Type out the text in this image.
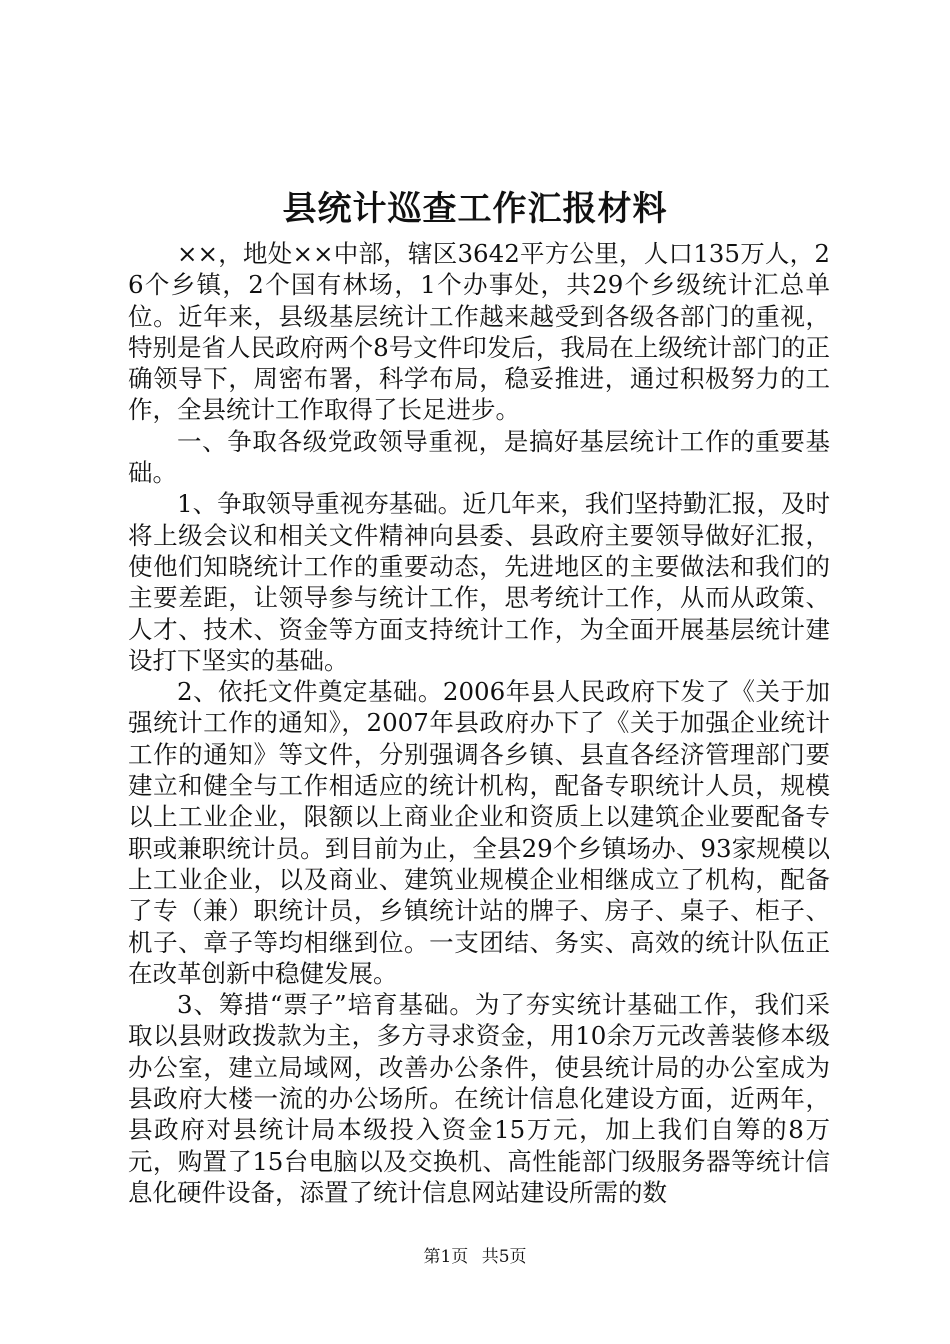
县统计巡查工作汇报材料

××，地处××中部，辖区3642平方公里，人口135万人，26个乡镇，2个国有林场，1个办事处，共29个乡级统计汇总单位。近年来，县级基层统计工作越来越受到各级各部门的重视，特别是省人民政府两个8号文件印发后，我局在上级统计部门的正确领导下，周密布署，科学布局，稳妥推进，通过积极努力的工作，全县统计工作取得了长足进步。

一、争取各级党政领导重视，是搞好基层统计工作的重要基础。

1、争取领导重视夯基础。近几年来，我们坚持勤汇报，及时将上级会议和相关文件精神向县委、县政府主要领导做好汇报，使他们知晓统计工作的重要动态，先进地区的主要做法和我们的主要差距，让领导参与统计工作，思考统计工作，从而从政策、人才、技术、资金等方面支持统计工作，为全面开展基层统计建设打下坚实的基础。

2、依托文件奠定基础。2006年县人民政府下发了《关于加强统计工作的通知》，2007年县政府办下了《关于加强企业统计工作的通知》等文件，分别强调各乡镇、县直各经济管理部门要建立和健全与工作相适应的统计机构，配备专职统计人员，规模以上工业企业，限额以上商业企业和资质上以建筑企业要配备专职或兼职统计员。到目前为止，全县29个乡镇场办、93家规模以上工业企业，以及商业、建筑业规模企业相继成立了机构，配备了专（兼）职统计员，乡镇统计站的牌子、房子、桌子、柜子、机子、章子等均相继到位。一支团结、务实、高效的统计队伍正在改革创新中稳健发展。

3、筹措“票子”培育基础。为了夯实统计基础工作，我们采取以县财政拨款为主，多方寻求资金，用10余万元改善装修本级办公室，建立局域网，改善办公条件，使县统计局的办公室成为县政府大楼一流的办公场所。在统计信息化建设方面，近两年，县政府对县统计局本级投入资金15万元，加上我们自筹的8万元，购置了15台电脑以及交换机、高性能部门级服务器等统计信息化硬件设备，添置了统计信息网站建设所需的数

第1页 共5页
